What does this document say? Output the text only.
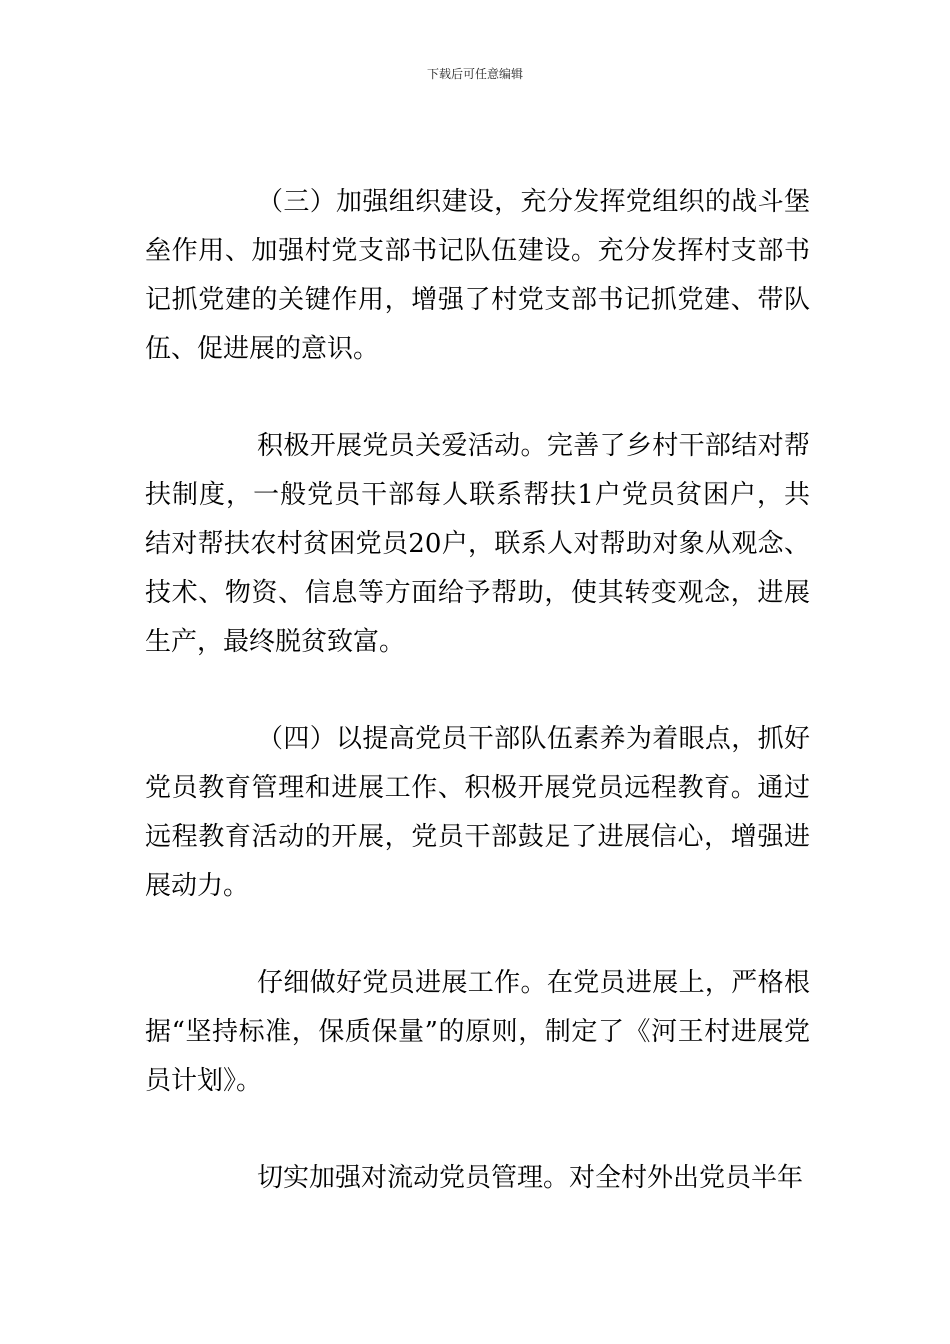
下载后可任意编辑

（三）加强组织建设，充分发挥党组织的战斗堡垒作用、加强村党支部书记队伍建设。充分发挥村支部书记抓党建的关键作用，增强了村党支部书记抓党建、带队伍、促进展的意识。

积极开展党员关爱活动。完善了乡村干部结对帮扶制度，一般党员干部每人联系帮扶1户党员贫困户，共结对帮扶农村贫困党员20户，联系人对帮助对象从观念、技术、物资、信息等方面给予帮助，使其转变观念，进展生产，最终脱贫致富。

（四）以提高党员干部队伍素养为着眼点，抓好党员教育管理和进展工作、积极开展党员远程教育。通过远程教育活动的开展，党员干部鼓足了进展信心，增强进展动力。

仔细做好党员进展工作。在党员进展上，严格根据“坚持标准，保质保量”的原则，制定了《河王村进展党员计划》。

切实加强对流动党员管理。对全村外出党员半年
